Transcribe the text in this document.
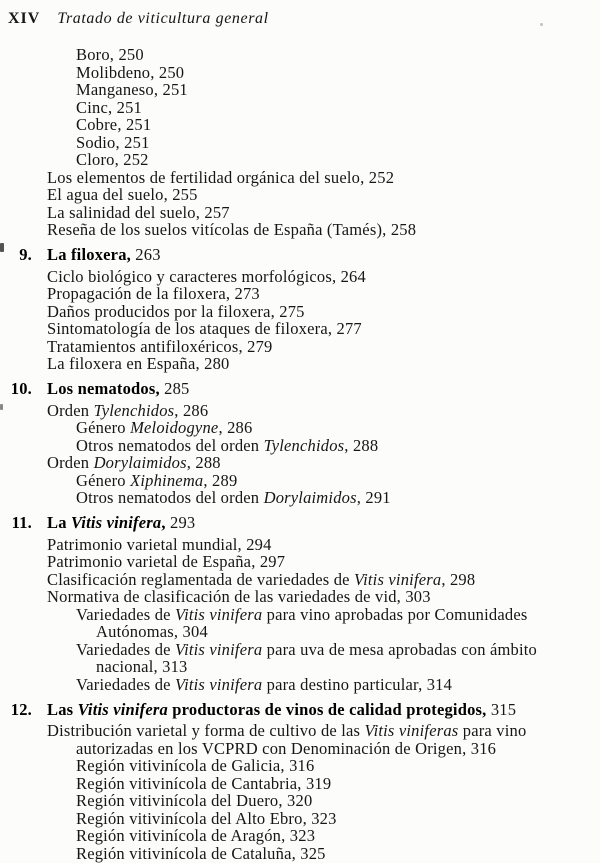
XIV Tratado de viticultura general
Boro, 250
Molibdeno, 250
Manganeso, 251
Cinc, 251
Cobre, 251
Sodio, 251
Cloro, 252
Los elementos de fertilidad orgánica del suelo, 252
El agua del suelo, 255
La salinidad del suelo, 257
Reseña de los suelos vitícolas de España (Tamés), 258
9. La filoxera, 263
Ciclo biológico y caracteres morfológicos, 264
Propagación de la filoxera, 273
Daños producidos por la filoxera, 275
Sintomatología de los ataques de filoxera, 277
Tratamientos antifiloxéricos, 279
La filoxera en España, 280
10. Los nematodos, 285
Orden Tylenchidos, 286
Género Meloidogyne, 286
Otros nematodos del orden Tylenchidos, 288
Orden Dorylaimidos, 288
Género Xiphinema, 289
Otros nematodos del orden Dorylaimidos, 291
11. La Vitis vinifera, 293
Patrimonio varietal mundial, 294
Patrimonio varietal de España, 297
Clasificación reglamentada de variedades de Vitis vinifera, 298
Normativa de clasificación de las variedades de vid, 303
Variedades de Vitis vinifera para vino aprobadas por Comunidades
Autónomas, 304
Variedades de Vitis vinifera para uva de mesa aprobadas con ámbito
nacional, 313
Variedades de Vitis vinifera para destino particular, 314
12. Las Vitis vinifera productoras de vinos de calidad protegidos, 315
Distribución varietal y forma de cultivo de las Vitis viniferas para vino
autorizadas en los VCPRD con Denominación de Origen, 316
Región vitivinícola de Galicia, 316
Región vitivinícola de Cantabria, 319
Región vitivinícola del Duero, 320
Región vitivinícola del Alto Ebro, 323
Región vitivinícola de Aragón, 323
Región vitivinícola de Cataluña, 325
